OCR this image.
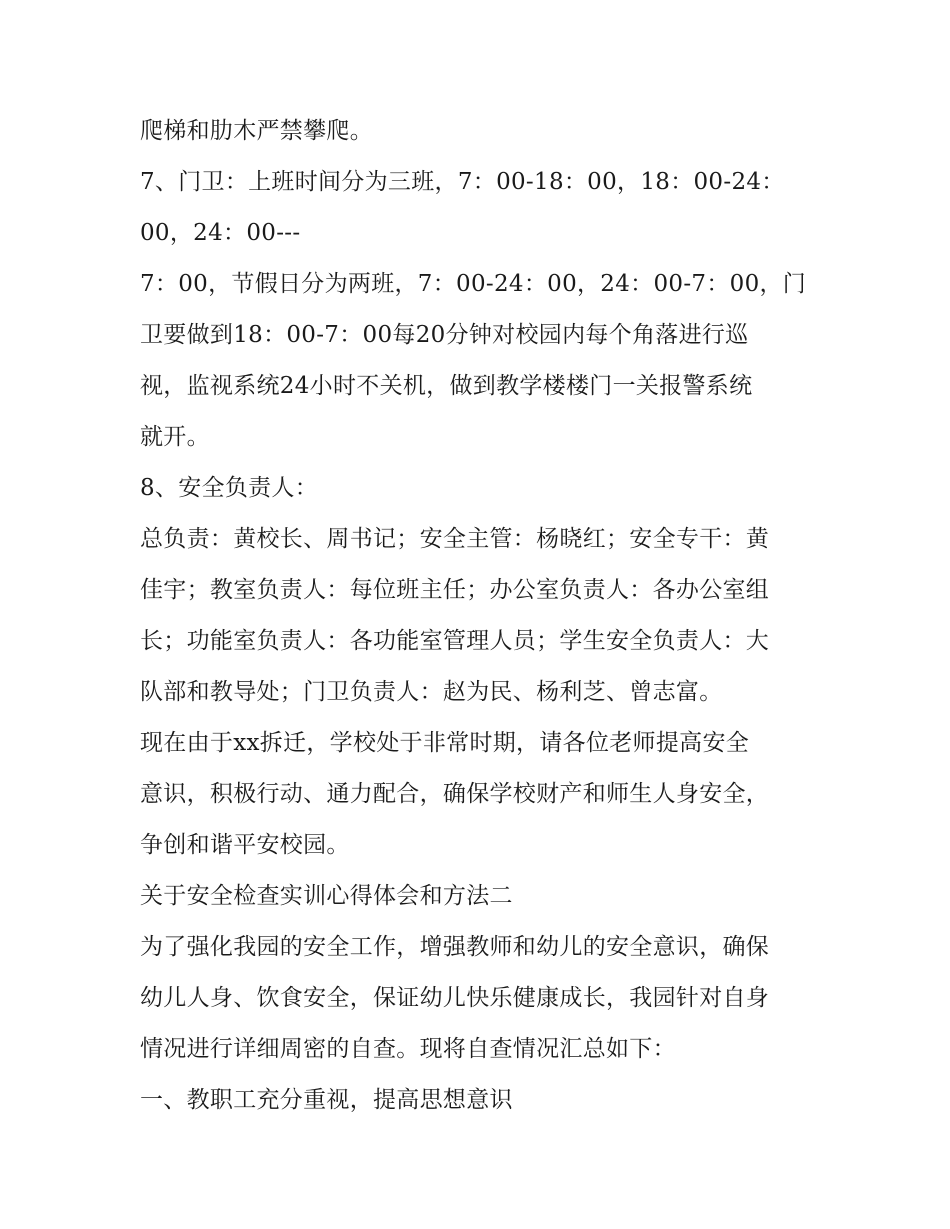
爬梯和肋木严禁攀爬。
7、门卫：上班时间分为三班，7：00-18：00，18：00-24：
00，24：00---
7：00，节假日分为两班，7：00-24：00，24：00-7：00，门
卫要做到18：00-7：00每20分钟对校园内每个角落进行巡
视，监视系统24小时不关机，做到教学楼楼门一关报警系统
就开。
8、安全负责人：
总负责：黄校长、周书记；安全主管：杨晓红；安全专干：黄
佳宇；教室负责人：每位班主任；办公室负责人：各办公室组
长；功能室负责人：各功能室管理人员；学生安全负责人：大
队部和教导处；门卫负责人：赵为民、杨利芝、曾志富。
现在由于xx拆迁，学校处于非常时期，请各位老师提高安全
意识，积极行动、通力配合，确保学校财产和师生人身安全，
争创和谐平安校园。
关于安全检查实训心得体会和方法二
为了强化我园的安全工作，增强教师和幼儿的安全意识，确保
幼儿人身、饮食安全，保证幼儿快乐健康成长，我园针对自身
情况进行详细周密的自查。现将自查情况汇总如下：
一、教职工充分重视，提高思想意识
